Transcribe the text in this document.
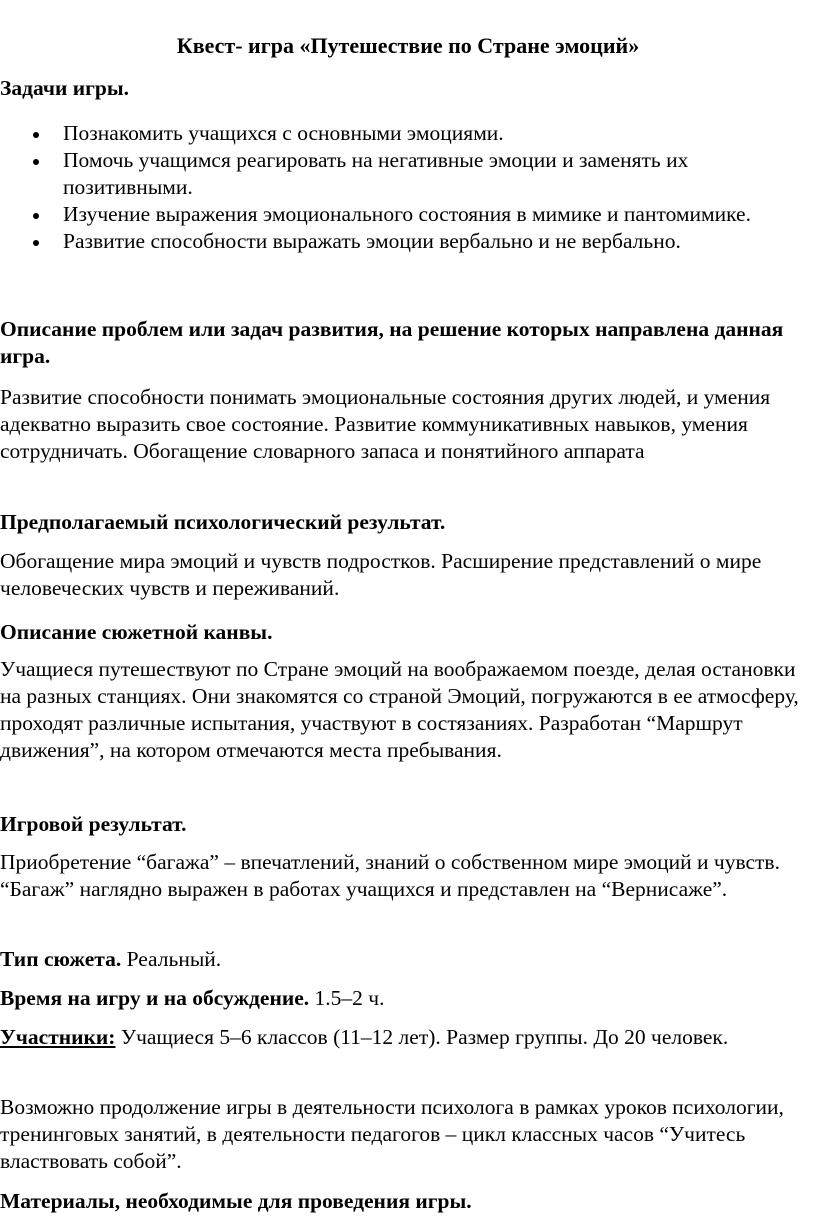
Квест- игра «Путешествие по Стране эмоций»
Задачи игры.
Познакомить учащихся с основными эмоциями.
Помочь учащимся реагировать на негативные эмоции и заменять их позитивными.
Изучение выражения эмоционального состояния в мимике и пантомимике.
Развитие способности выражать эмоции вербально и не вербально.
Описание проблем или задач развития, на решение которых направлена данная игра.
Развитие способности понимать эмоциональные состояния других людей, и умения адекватно выразить свое состояние. Развитие коммуникативных навыков, умения сотрудничать. Обогащение словарного запаса и понятийного аппарата
Предполагаемый психологический результат.
Обогащение мира эмоций и чувств подростков. Расширение представлений о мире человеческих чувств и переживаний.
Описание сюжетной канвы.
Учащиеся путешествуют по Стране эмоций на воображаемом поезде, делая остановки на разных станциях. Они знакомятся со страной Эмоций, погружаются в ее атмосферу, проходят различные испытания, участвуют в состязаниях. Разработан “Маршрут движения”, на котором отмечаются места пребывания.
Игровой результат.
Приобретение “багажа” – впечатлений, знаний о собственном мире эмоций и чувств. “Багаж” наглядно выражен в работах учащихся и представлен на “Вернисаже”.
Тип сюжета. Реальный.
Время на игру и на обсуждение. 1.5–2 ч.
Участники: Учащиеся 5–6 классов (11–12 лет). Размер группы. До 20 человек.
Возможно продолжение игры в деятельности психолога в рамках уроков психологии, тренинговых занятий, в деятельности педагогов – цикл классных часов “Учитесь властвовать собой”.
Материалы, необходимые для проведения игры.
